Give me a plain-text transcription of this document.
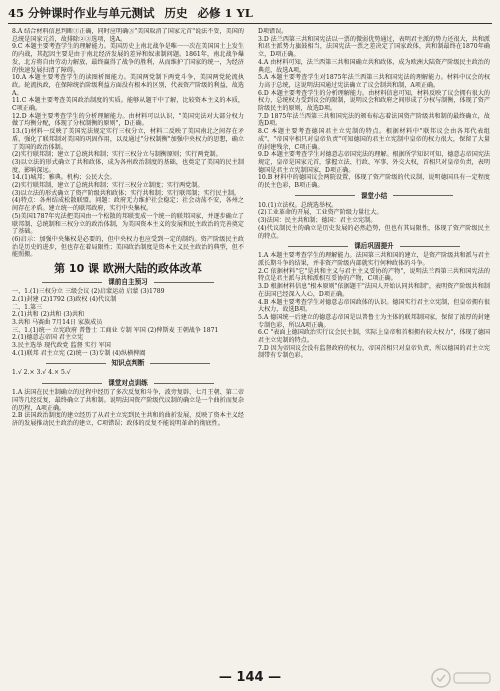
45 分钟课时作业与单元测试 历史 必修 1 YL

8.A 结合材料信息判断①正确，同时应明确③"美国取消了国家元首"说法不妥，美国的总统是国家元首，故排除②③选项，选A。

9.C 本题主要考查学生的理解能力。美国历史上南北战争是唯一一次在美国国土上发生的内战，其起因主要是由于南北经济发展的差异和奴隶制问题。1861年，南北战争爆发，北方将自由劳动力解放，最终赢得了战争的胜利，从而维护了国家的统一，为经济的快速发展扫清了障碍。

10.A 本题主要考查学生的读图析图能力。美国两党制下两党斗争，美国两党轮流执政。轮流执政，在保障统治阶级利益方面没有根本的区别，代表资产阶级的利益，故选A。

11.C 本题主要考查美国政治制度的实质。能够从题干中了解，比较资本主义的本质，C项正确。

12.D 本题主要考查学生的分析理解能力。由材料可以认识，"美国宪法对大部分权力做了均衡分配，体现了分权制衡的原则"，D正确。

13.(1)材料一反映了美国宪法规定实行三权分立，材料二反映了美国南北之间存在矛盾，强化了联邦制对美国的巩固作用，以及通过"分权制衡"加强中央权力的思想，确立了美国的政治体制。

(2)实行联邦制；建立了总统共和制；实行三权分立与制衡原则；实行两党制。

(3)以立法的形式确立了共和政体，成为各州政治制度的基础，也奠定了美国的民主制度，影响深远。

14.(1)城邦；雅典。机构；公民大会。

(2)实行联邦制，建立了总统共和制；实行三权分立制度；实行两党制。

(3)以立法的形式确立了资产阶级共和政体；实行共和制；实行联邦制；实行民主制。

(4)特点：各州结成松散联盟。问题：政府无力维护社会稳定；社会动荡不安，各州之间存在矛盾。建立统一的联邦政府，实行中央集权。

(5)美国1787年宪法把美国由一个松散的邦联变成一个统一的联邦国家，并逐步确立了联邦制、总统制和三权分立的政治体制，为美国资本主义的发展和民主政治的完善奠定了基础。

(6)启示：加强中央集权是必要的，但中央权力也应受到一定的制约。资产阶级民主政治是历史的进步，但也存在着局限性；美国政治制度是资本主义民主政治的典型，但不能照搬。

第 10 课 欧洲大陆的政体改革
课前自主预习

一、1.(1)三权分立 三级会议 (2)启蒙运动 启蒙 (3)1789

2.(1)封建 (2)1792 (3)政权 (4)代议制

二、1.第三

2.(1)共和 (2)共和 (3)共和

3.共和 马赛曲 7月14日 家族成员

三、1.(1)统一 立宪政府 普鲁士 工商业 专制 军国 (2)俾斯麦 王朝战争 1871

2.(1)德意志帝国 君主立宪

3.民主选举 现代政党 监督 实行 军国

4.(1)联邦 君主立宪 (2)统一 (3)专制 (4)纵横捭阖

知识点判断

1.√ 2.× 3.√ 4.× 5.√

课堂对点训练

1.A 法国在民主制确立的过程中经历了多次反复和斗争，波旁复辟、七月王朝、第二帝国等几经反复，最终确立了共和制。说明法国资产阶级代议制的确立是一个曲折而复杂的历程，A项正确。

2.B 法国政治制度的建立经历了从君主立宪到民主共和的曲折发展，反映了资本主义经济的发展推动民主政治的建立，C项错误；政体的反复不能说明革命的彻底性。

D项错误。

3.D 法兰西第三共和国宪法以一票的微弱优势通过，表明君主派的势力还很大，共和派和君主派势力旗鼓相当，法国宪法一票之差决定了国家政体，共和制最终在1870年确立，D项正确。

4.A 由材料可知，法兰西第三共和国确立共和政体，成为欧洲大陆资产阶级民主政治的典范，故选A项。

5.A 本题主要考查学生对1875年法兰西第三共和国宪法的理解能力。材料中议会的权力高于总统，这说明法国通过宪法确立了议会制共和制，A项正确。

6.D 本题主要考查学生的分析理解能力。由材料信息可知，材料反映了议会拥有很大的权力，总统权力受到议会的限制，说明议会和政府之间形成了分权与制衡，体现了资产阶级民主的原则，故选D项。

7.D 1875年法兰西第三共和国宪法的颁布标志着法国资产阶级共和制的最终确立，故选D项。

8.C 本题主要考查德国君主立宪制的特点。根据材料中"联邦议会由各邦代表组成"、"帝国宰相只对皇帝负责"可知德国的君主立宪制中皇帝的权力很大，保留了大量的封建残余，C项正确。

9.D 本题主要考查学生对德意志帝国宪法的理解。根据所学知识可知，德意志帝国宪法规定，皇帝是国家元首，掌握立法、行政、军事、外交大权，首相只对皇帝负责，表明德国是君主立宪制国家，D项正确。

10.B 材料中的德国议会两院设置，体现了资产阶级的代议制，说明德国具有一定程度的民主色彩，B项正确。

课堂小结

10.(1)立法权。总统选举权。

(2)工业革命的开展，工业资产阶级力量壮大。

(3)法国：民主共和制；德国：君主立宪制。

(4)代议制民主的确立是历史发展的必然趋势，但也有其局限性，体现了资产阶级民主的特点。

课后巩固提升

1.A 本题主要考查学生的理解能力。法国第三共和国的建立，是资产阶级共和派与君主派长期斗争的结果，并非资产阶级内部就实行何种政体的斗争。

2.C 依据材料"它"是共和主义与君主主义妥协的产物"，说明法兰西第三共和国宪法的特点是君主派与共和派相互妥协的产物，C项正确。

3.D 根据材料信息"根本原则"依据题干"法国人开始认同共和制"，表明资产阶级共和制在法国已经深入人心，D项正确。

4.B 本题主要考查学生对德意志帝国政体的认识。德国实行君主立宪制，但皇帝拥有很大权力，故选B项。

5.A 德国统一后建立的德意志帝国是以普鲁士为主体的联邦制国家，保留了浓厚的封建专制色彩，所以A项正确。

6.C "表面上德国政治实行议会民主制，实际上皇帝和首相拥有较大权力"，体现了德国君主立宪制的特点。

7.D 因为帝国议会没有监督政府的权力，帝国首相只对皇帝负责，所以德国的君主立宪制带有专制色彩。

— 144 —
